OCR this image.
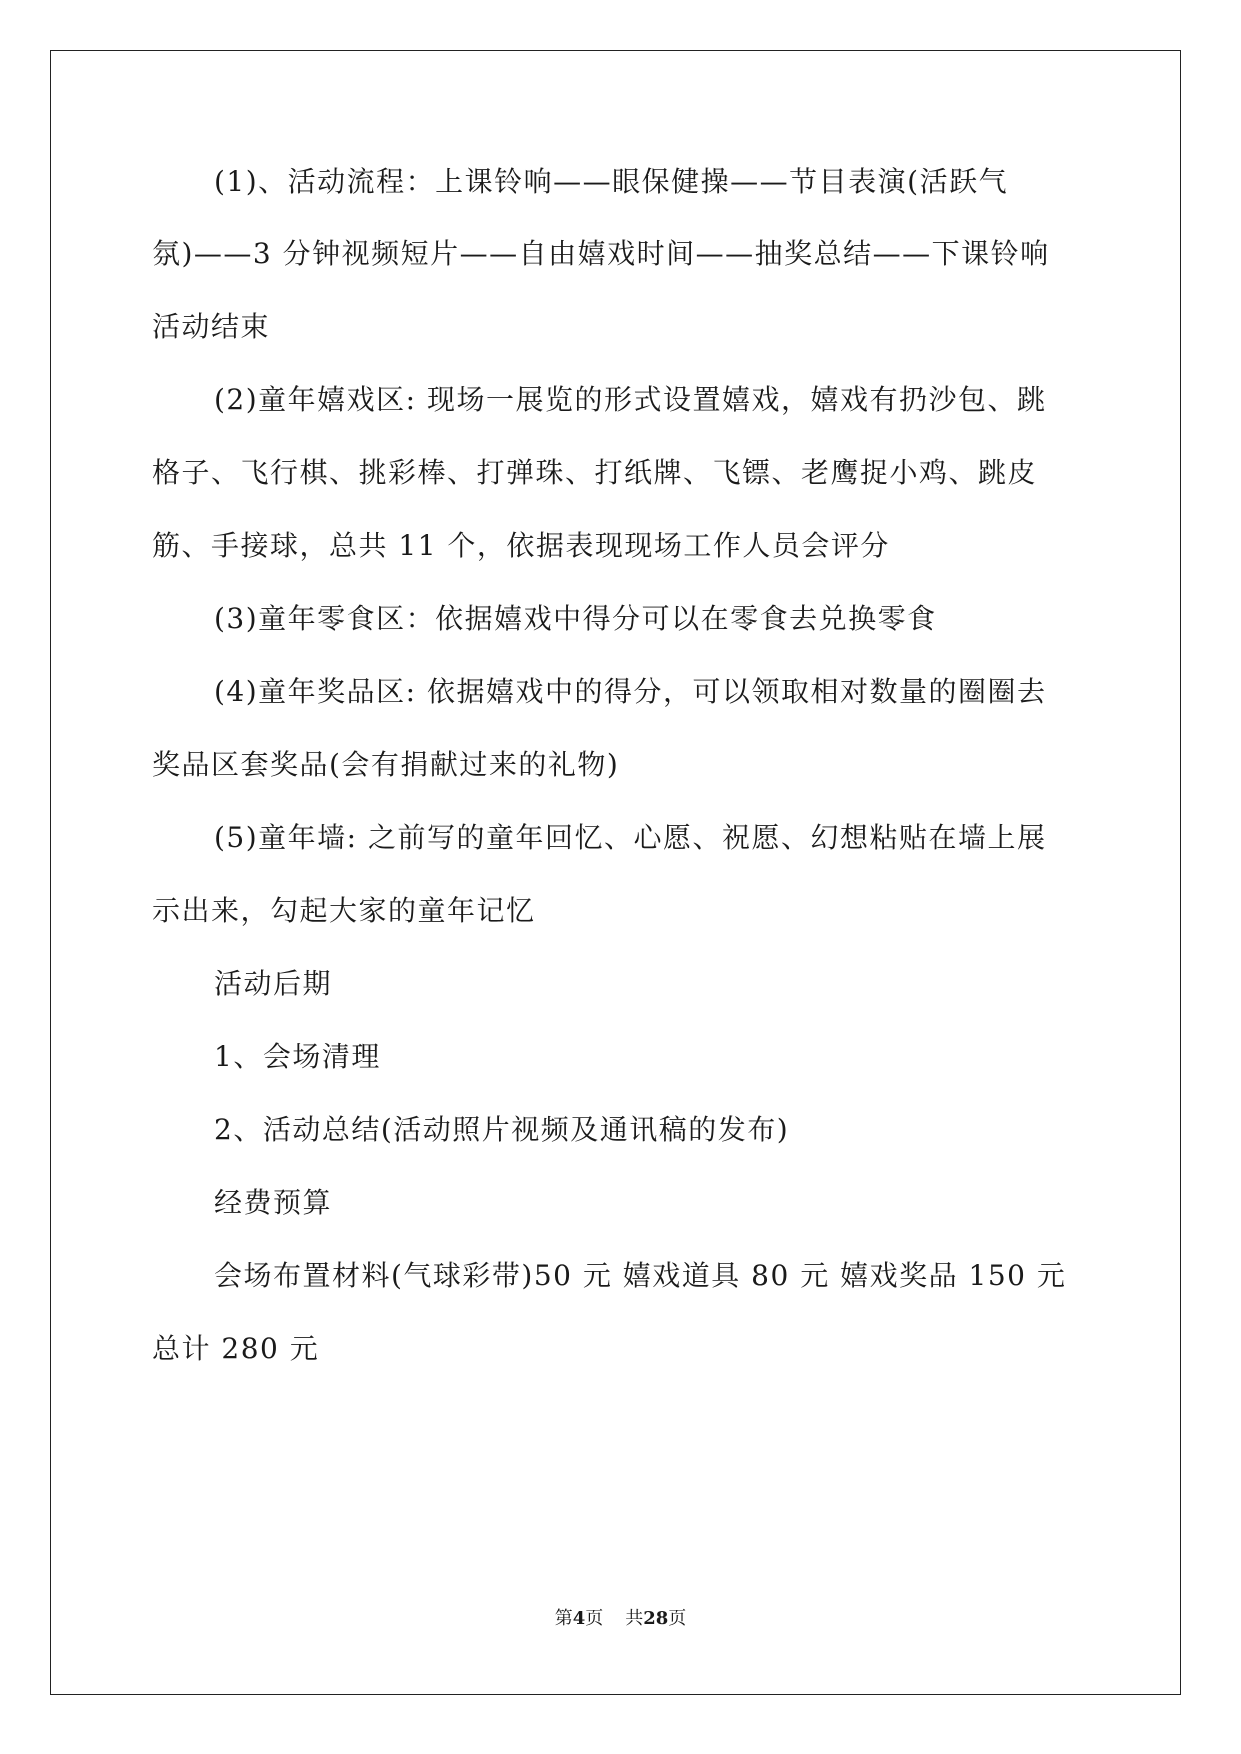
(1)、活动流程：上课铃响——眼保健操——节目表演(活跃气
氛)——3 分钟视频短片——自由嬉戏时间——抽奖总结——下课铃响
活动结束
(2)童年嬉戏区: 现场一展览的形式设置嬉戏，嬉戏有扔沙包、跳
格子、飞行棋、挑彩棒、打弹珠、打纸牌、飞镖、老鹰捉小鸡、跳皮
筋、手接球，总共 11 个，依据表现现场工作人员会评分
(3)童年零食区：依据嬉戏中得分可以在零食去兑换零食
(4)童年奖品区: 依据嬉戏中的得分，可以领取相对数量的圈圈去
奖品区套奖品(会有捐献过来的礼物)
(5)童年墙: 之前写的童年回忆、心愿、祝愿、幻想粘贴在墙上展
示出来，勾起大家的童年记忆
活动后期
1、会场清理
2、活动总结(活动照片视频及通讯稿的发布)
经费预算
会场布置材料(气球彩带)50 元 嬉戏道具 80 元 嬉戏奖品 150 元
总计 280 元
第4页 共28页
